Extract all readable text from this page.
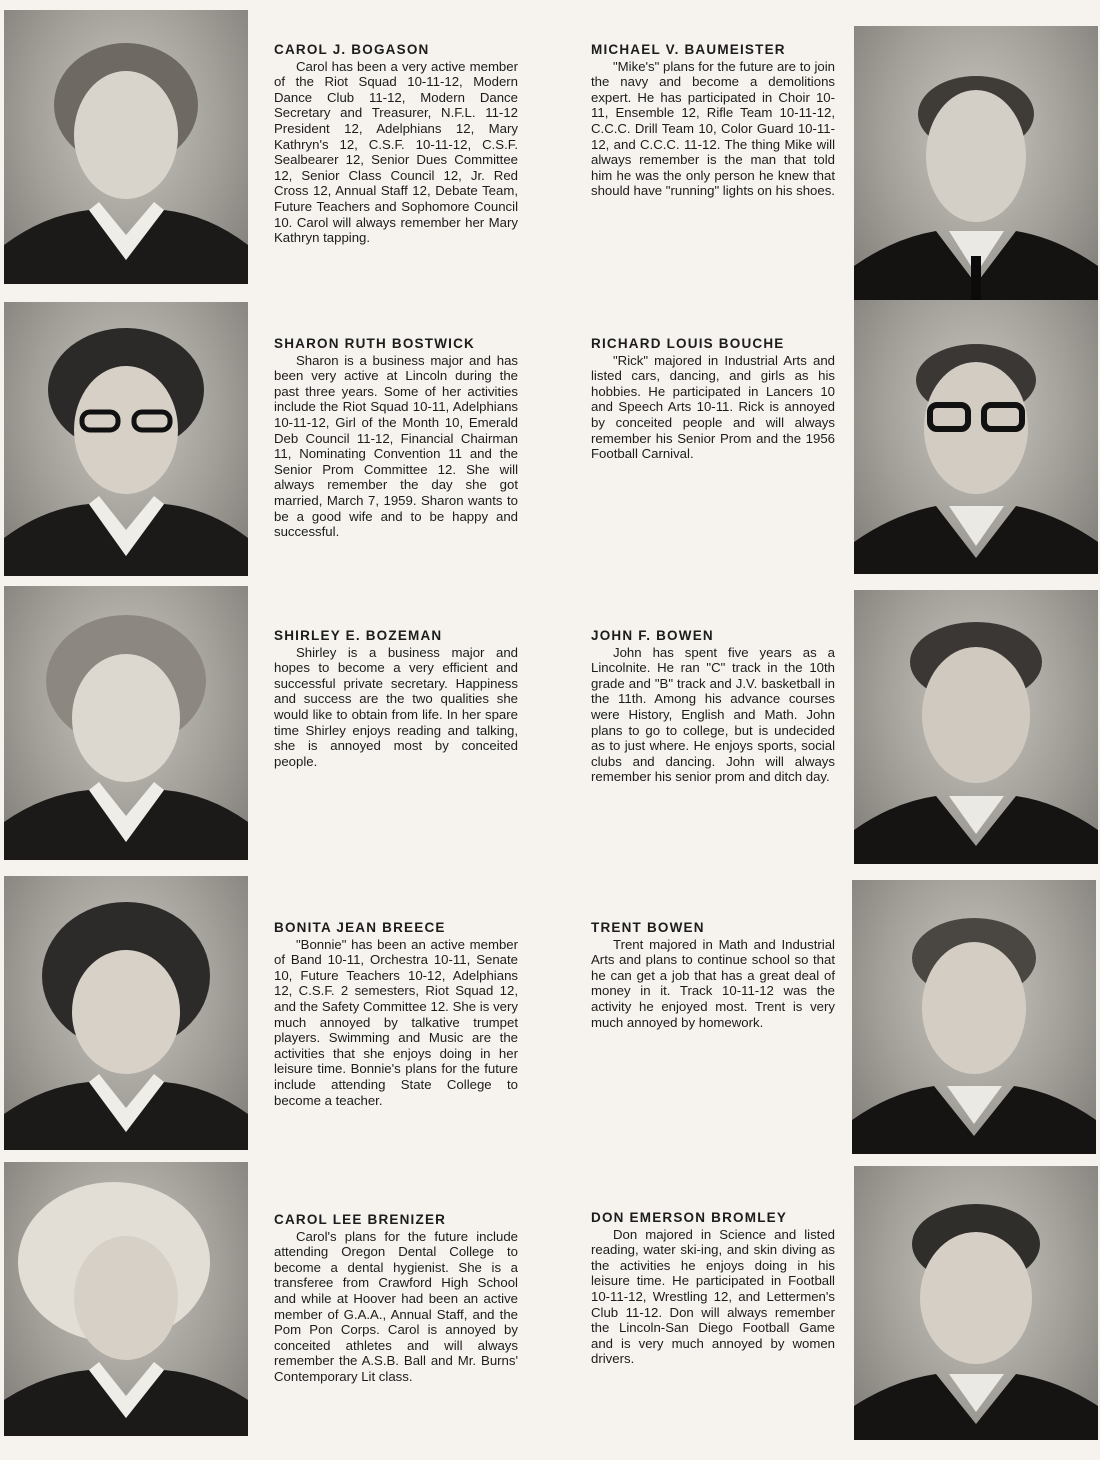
CAROL J. BOGASON
Carol has been a very active member of the Riot Squad 10-11-12, Modern Dance Club 11-12, Modern Dance Secretary and Treasurer, N.F.L. 11-12 President 12, Adelphians 12, Mary Kathryn's 12, C.S.F. 10-11-12, C.S.F. Sealbearer 12, Senior Dues Committee 12, Senior Class Council 12, Jr. Red Cross 12, Annual Staff 12, Debate Team, Future Teachers and Sophomore Council 10. Carol will always remember her Mary Kathryn tapping.
MICHAEL V. BAUMEISTER
"Mike's" plans for the future are to join the navy and become a demolitions expert. He has participated in Choir 10-11, Ensemble 12, Rifle Team 10-11-12, C.C.C. Drill Team 10, Color Guard 10-11-12, and C.C.C. 11-12. The thing Mike will always remember is the man that told him he was the only person he knew that should have "running" lights on his shoes.
SHARON RUTH BOSTWICK
Sharon is a business major and has been very active at Lincoln during the past three years. Some of her activities include the Riot Squad 10-11, Adelphians 10-11-12, Girl of the Month 10, Emerald Deb Council 11-12, Financial Chairman 11, Nominating Convention 11 and the Senior Prom Committee 12. She will always remember the day she got married, March 7, 1959. Sharon wants to be a good wife and to be happy and successful.
RICHARD LOUIS BOUCHE
"Rick" majored in Industrial Arts and listed cars, dancing, and girls as his hobbies. He participated in Lancers 10 and Speech Arts 10-11. Rick is annoyed by conceited people and will always remember his Senior Prom and the 1956 Football Carnival.
SHIRLEY E. BOZEMAN
Shirley is a business major and hopes to become a very efficient and successful private secretary. Happiness and success are the two qualities she would like to obtain from life. In her spare time Shirley enjoys reading and talking, she is annoyed most by conceited people.
JOHN F. BOWEN
John has spent five years as a Lincolnite. He ran "C" track in the 10th grade and "B" track and J.V. basketball in the 11th. Among his advance courses were History, English and Math. John plans to go to college, but is undecided as to just where. He enjoys sports, social clubs and dancing. John will always remember his senior prom and ditch day.
BONITA JEAN BREECE
"Bonnie" has been an active member of Band 10-11, Orchestra 10-11, Senate 10, Future Teachers 10-12, Adelphians 12, C.S.F. 2 semesters, Riot Squad 12, and the Safety Committee 12. She is very much annoyed by talkative trumpet players. Swimming and Music are the activities that she enjoys doing in her leisure time. Bonnie's plans for the future include attending State College to become a teacher.
TRENT BOWEN
Trent majored in Math and Industrial Arts and plans to continue school so that he can get a job that has a great deal of money in it. Track 10-11-12 was the activity he enjoyed most. Trent is very much annoyed by homework.
CAROL LEE BRENIZER
Carol's plans for the future include attending Oregon Dental College to become a dental hygienist. She is a transferee from Crawford High School and while at Hoover had been an active member of G.A.A., Annual Staff, and the Pom Pon Corps. Carol is annoyed by conceited athletes and will always remember the A.S.B. Ball and Mr. Burns' Contemporary Lit class.
DON EMERSON BROMLEY
Don majored in Science and listed reading, water ski-ing, and skin diving as the activities he enjoys doing in his leisure time. He participated in Football 10-11-12, Wrestling 12, and Lettermen's Club 11-12. Don will always remember the Lincoln-San Diego Football Game and is very much annoyed by women drivers.
